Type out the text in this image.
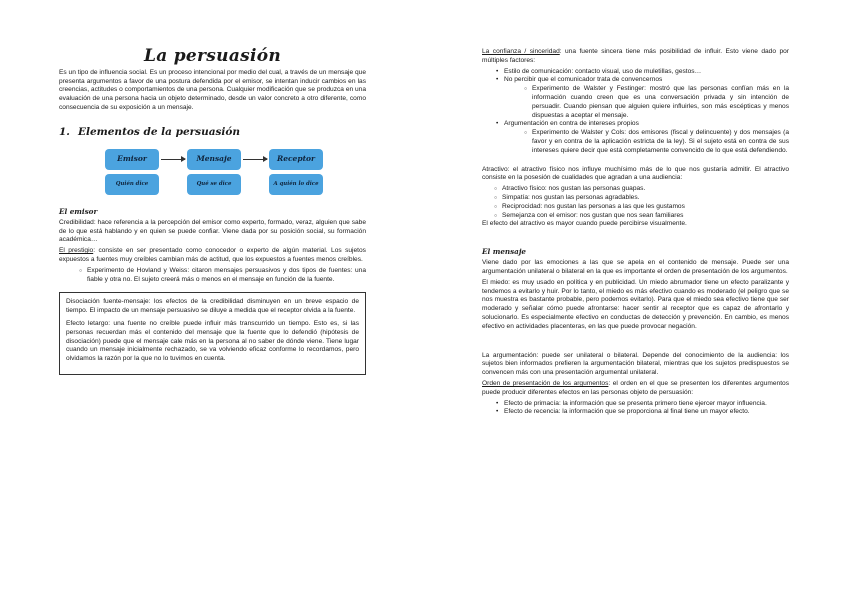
La persuasión

Es un tipo de influencia social. Es un proceso intencional por medio del cual, a través de un mensaje que presenta argumentos a favor de una postura defendida por el emisor, se intentan inducir cambios en las creencias, actitudes o comportamientos de una persona. Cualquier modificación que se produzca en una evaluación de una persona hacia un objeto determinado, desde un valor concreto a otro diferente, como consecuencia de su exposición a un mensaje.

1. Elementos de la persuasión
Emisor
Quién dice
Mensaje
Qué se dice
Receptor
A quién lo dice
El emisor

Credibilidad: hace referencia a la percepción del emisor como experto, formado, veraz, alguien que sabe de lo que está hablando y en quien se puede confiar. Viene dada por su posición social, su formación académica…

El prestigio: consiste en ser presentado como conocedor o experto de algún material. Los sujetos expuestos a fuentes muy creíbles cambian más de actitud, que los expuestos a fuentes menos creíbles.

○ Experimento de Hovland y Weiss: citaron mensajes persuasivos y dos tipos de fuentes: una fiable y otra no. El sujeto creerá más o menos en el mensaje en función de la fuente.

Disociación fuente-mensaje: los efectos de la credibilidad disminuyen en un breve espacio de tiempo. El impacto de un mensaje persuasivo se diluye a medida que el receptor olvida a la fuente.

Efecto letargo: una fuente no creíble puede influir más transcurrido un tiempo. Esto es, si las personas recuerdan más el contenido del mensaje que la fuente que lo defendió (hipótesis de disociación) puede que el mensaje cale más en la persona al no saber de dónde viene. Tiene lugar cuando un mensaje inicialmente rechazado, se va volviendo eficaz conforme lo recordamos, pero olvidamos la razón por la que no lo tuvimos en cuenta.

La confianza / sinceridad: una fuente sincera tiene más posibilidad de influir. Esto viene dado por múltiples factores:

• Estilo de comunicación: contacto visual, uso de muletillas, gestos…
• No percibir que el comunicador trata de convencernos
○ Experimento de Walster y Festinger: mostró que las personas confían más en la información cuando creen que es una conversación privada y sin intención de persuadir. Cuando piensan que alguien quiere influirles, son más escépticas y menos dispuestas a aceptar el mensaje.
• Argumentación en contra de intereses propios
○ Experimento de Walster y Cols: dos emisores (fiscal y delincuente) y dos mensajes (a favor y en contra de la aplicación estricta de la ley). Si el sujeto está en contra de sus intereses quiere decir que está completamente convencido de lo que está defendiendo.

Atractivo: el atractivo físico nos influye muchísimo más de lo que nos gustaría admitir. El atractivo consiste en la posesión de cualidades que agradan a una audiencia:

○ Atractivo físico: nos gustan las personas guapas.
○ Simpatía: nos gustan las personas agradables.
○ Reciprocidad: nos gustan las personas a las que les gustamos
○ Semejanza con el emisor: nos gustan que nos sean familiares

El efecto del atractivo es mayor cuando puede percibirse visualmente.

El mensaje

Viene dado por las emociones a las que se apela en el contenido de mensaje. Puede ser una argumentación unilateral o bilateral en la que es importante el orden de presentación de los argumentos.

El miedo: es muy usado en política y en publicidad. Un miedo abrumador tiene un efecto paralizante y tendemos a evitarlo y huir. Por lo tanto, el miedo es más efectivo cuando es moderado (el peligro que se nos muestra es bastante probable, pero podemos evitarlo). Para que el miedo sea efectivo tiene que ser moderado y señalar cómo puede afrontarse: hacer sentir al receptor que es capaz de afrontarlo y solucionarlo. Es especialmente efectivo en conductas de detección y prevención. En cambio, es menos efectivo en actividades placenteras, en las que puede provocar negación.

La argumentación: puede ser unilateral o bilateral. Depende del conocimiento de la audiencia: los sujetos bien informados prefieren la argumentación bilateral, mientras que los sujetos predispuestos se convencen más con una presentación argumental unilateral.

Orden de presentación de los argumentos: el orden en el que se presenten los diferentes argumentos puede producir diferentes efectos en las personas objeto de persuasión:

• Efecto de primacía: la información que se presenta primero tiene ejercer mayor influencia.
• Efecto de recencia: la información que se proporciona al final tiene un mayor efecto.
